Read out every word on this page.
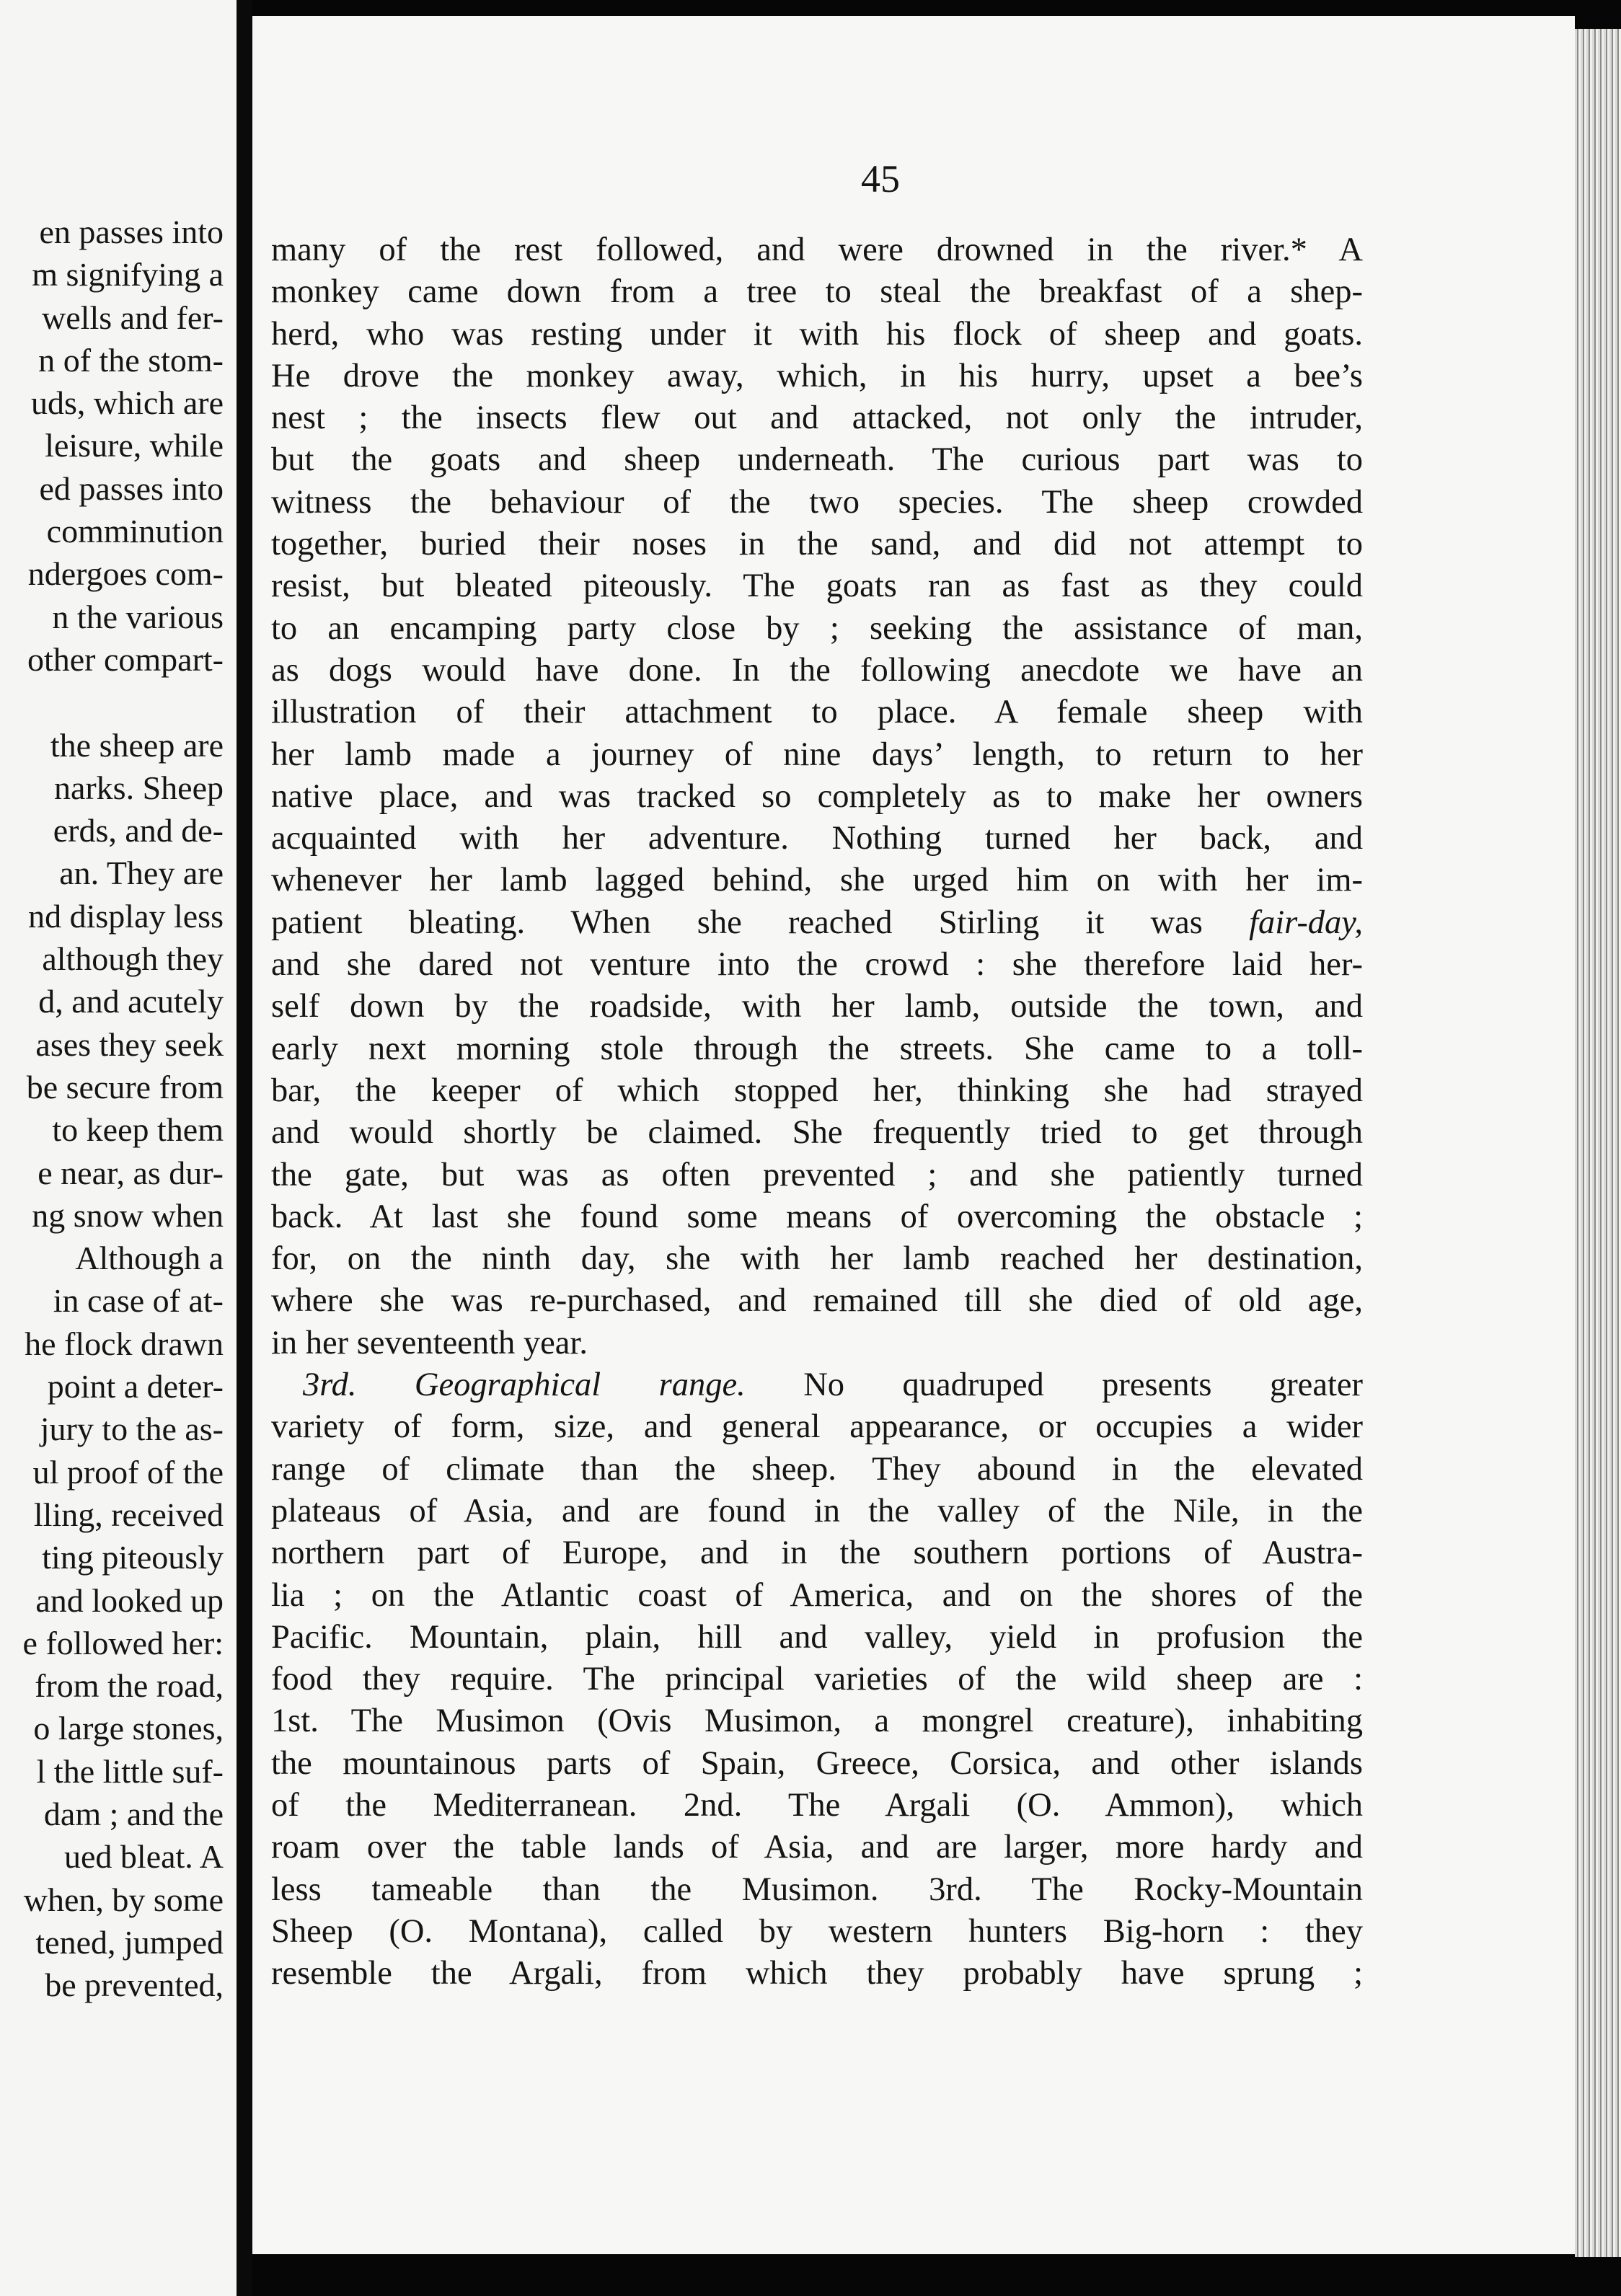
en passes into
m signifying a
wells and fer-
n of the stom-
uds, which are
leisure, while
ed passes into
comminution
ndergoes com-
n the various
other compart-
the sheep are
narks. Sheep
erds, and de-
an. They are
nd display less
although they
d, and acutely
ases they seek
be secure from
to keep them
e near, as dur-
ng snow when
Although a
in case of at-
he flock drawn
point a deter-
jury to the as-
ul proof of the
lling, received
ting piteously
and looked up
e followed her:
from the road,
o large stones,
l the little suf-
dam ; and the
ued bleat. A
when, by some
tened, jumped
be prevented,
45
many of the rest followed, and were drowned in the river.* A
monkey came down from a tree to steal the breakfast of a shep-
herd, who was resting under it with his flock of sheep and goats.
He drove the monkey away, which, in his hurry, upset a bee’s
nest ; the insects flew out and attacked, not only the intruder,
but the goats and sheep underneath. The curious part was to
witness the behaviour of the two species. The sheep crowded
together, buried their noses in the sand, and did not attempt to
resist, but bleated piteously. The goats ran as fast as they could
to an encamping party close by ; seeking the assistance of man,
as dogs would have done. In the following anecdote we have an
illustration of their attachment to place. A female sheep with
her lamb made a journey of nine days’ length, to return to her
native place, and was tracked so completely as to make her owners
acquainted with her adventure. Nothing turned her back, and
whenever her lamb lagged behind, she urged him on with her im-
patient bleating. When she reached Stirling it was fair-day,
and she dared not venture into the crowd : she therefore laid her-
self down by the roadside, with her lamb, outside the town, and
early next morning stole through the streets. She came to a toll-
bar, the keeper of which stopped her, thinking she had strayed
and would shortly be claimed. She frequently tried to get through
the gate, but was as often prevented ; and she patiently turned
back. At last she found some means of overcoming the obstacle ;
for, on the ninth day, she with her lamb reached her destination,
where she was re-purchased, and remained till she died of old age,
in her seventeenth year.
3rd. Geographical range. No quadruped presents greater
variety of form, size, and general appearance, or occupies a wider
range of climate than the sheep. They abound in the elevated
plateaus of Asia, and are found in the valley of the Nile, in the
northern part of Europe, and in the southern portions of Austra-
lia ; on the Atlantic coast of America, and on the shores of the
Pacific. Mountain, plain, hill and valley, yield in profusion the
food they require. The principal varieties of the wild sheep are :
1st. The Musimon (Ovis Musimon, a mongrel creature), inhabiting
the mountainous parts of Spain, Greece, Corsica, and other islands
of the Mediterranean. 2nd. The Argali (O. Ammon), which
roam over the table lands of Asia, and are larger, more hardy and
less tameable than the Musimon. 3rd. The Rocky-Mountain
Sheep (O. Montana), called by western hunters Big-horn : they
resemble the Argali, from which they probably have sprung ;
